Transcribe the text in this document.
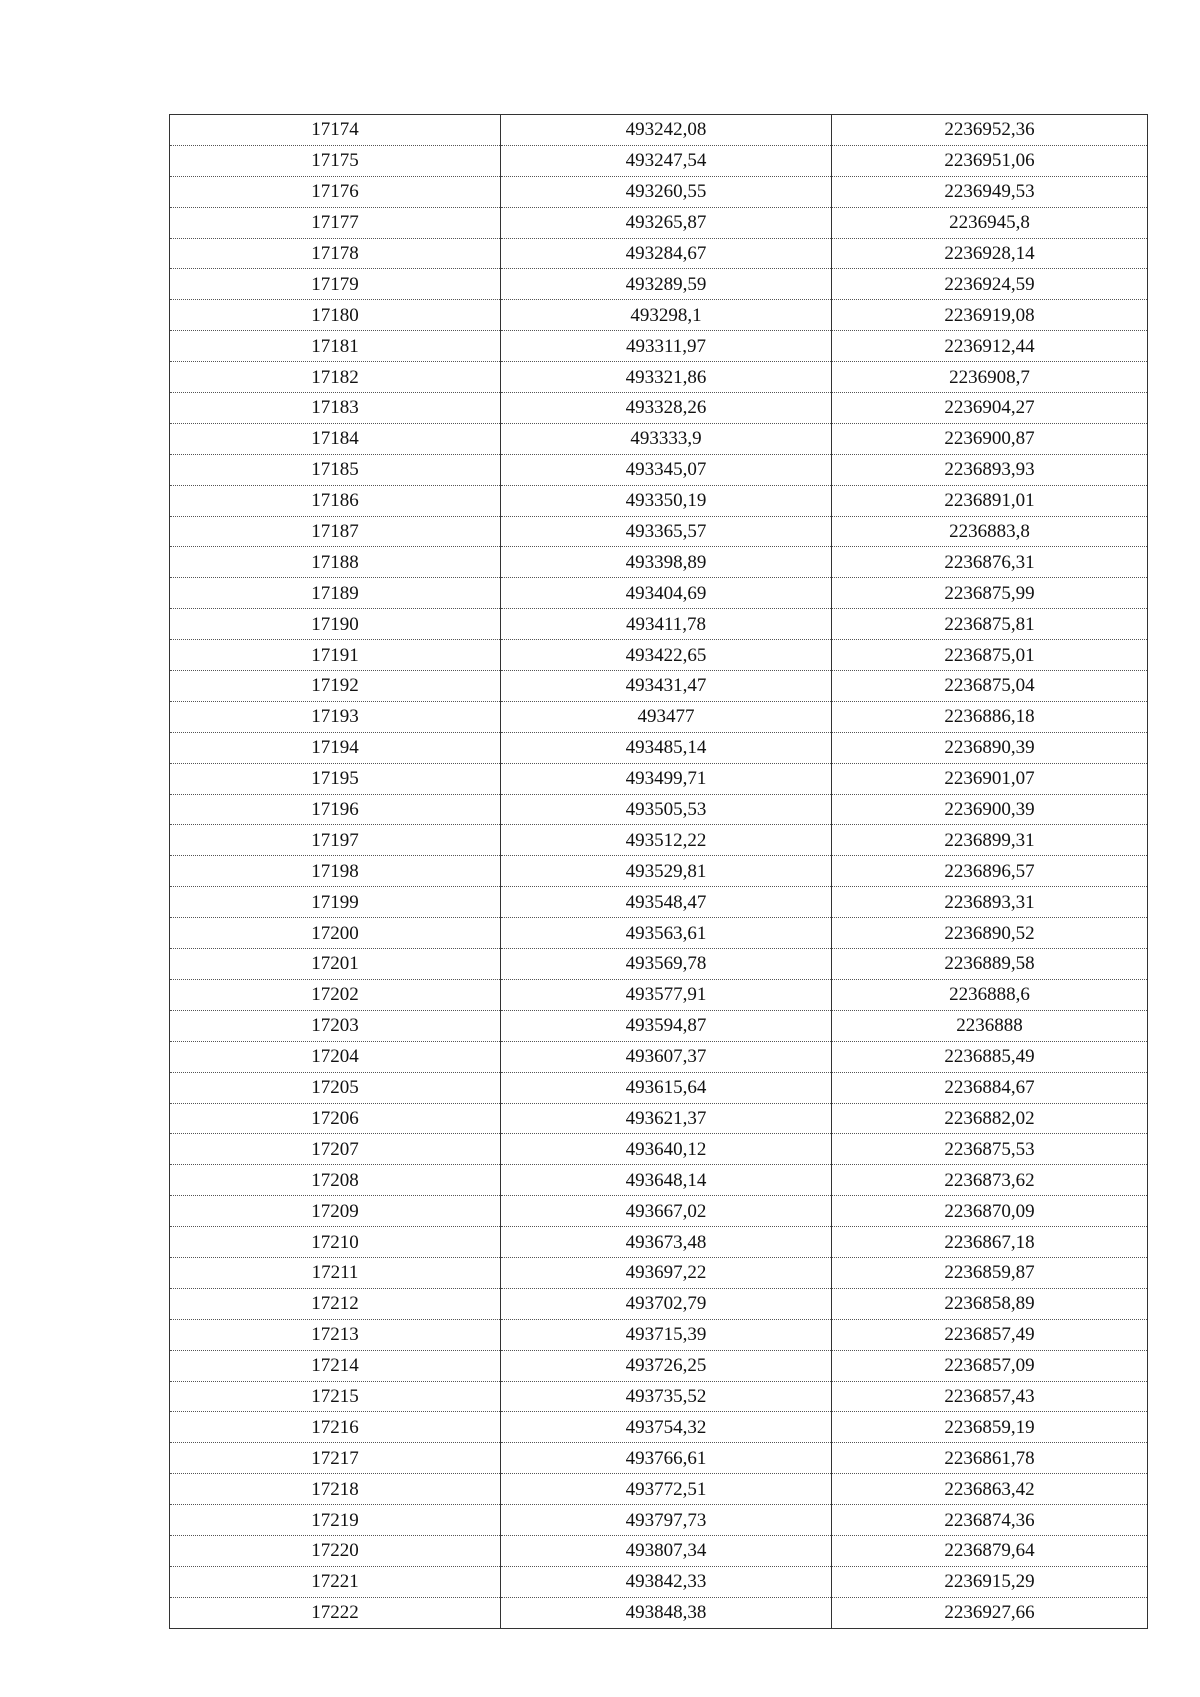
17174	493242,08	2236952,36
17175	493247,54	2236951,06
17176	493260,55	2236949,53
17177	493265,87	2236945,8
17178	493284,67	2236928,14
17179	493289,59	2236924,59
17180	493298,1	2236919,08
17181	493311,97	2236912,44
17182	493321,86	2236908,7
17183	493328,26	2236904,27
17184	493333,9	2236900,87
17185	493345,07	2236893,93
17186	493350,19	2236891,01
17187	493365,57	2236883,8
17188	493398,89	2236876,31
17189	493404,69	2236875,99
17190	493411,78	2236875,81
17191	493422,65	2236875,01
17192	493431,47	2236875,04
17193	493477	2236886,18
17194	493485,14	2236890,39
17195	493499,71	2236901,07
17196	493505,53	2236900,39
17197	493512,22	2236899,31
17198	493529,81	2236896,57
17199	493548,47	2236893,31
17200	493563,61	2236890,52
17201	493569,78	2236889,58
17202	493577,91	2236888,6
17203	493594,87	2236888
17204	493607,37	2236885,49
17205	493615,64	2236884,67
17206	493621,37	2236882,02
17207	493640,12	2236875,53
17208	493648,14	2236873,62
17209	493667,02	2236870,09
17210	493673,48	2236867,18
17211	493697,22	2236859,87
17212	493702,79	2236858,89
17213	493715,39	2236857,49
17214	493726,25	2236857,09
17215	493735,52	2236857,43
17216	493754,32	2236859,19
17217	493766,61	2236861,78
17218	493772,51	2236863,42
17219	493797,73	2236874,36
17220	493807,34	2236879,64
17221	493842,33	2236915,29
17222	493848,38	2236927,66
